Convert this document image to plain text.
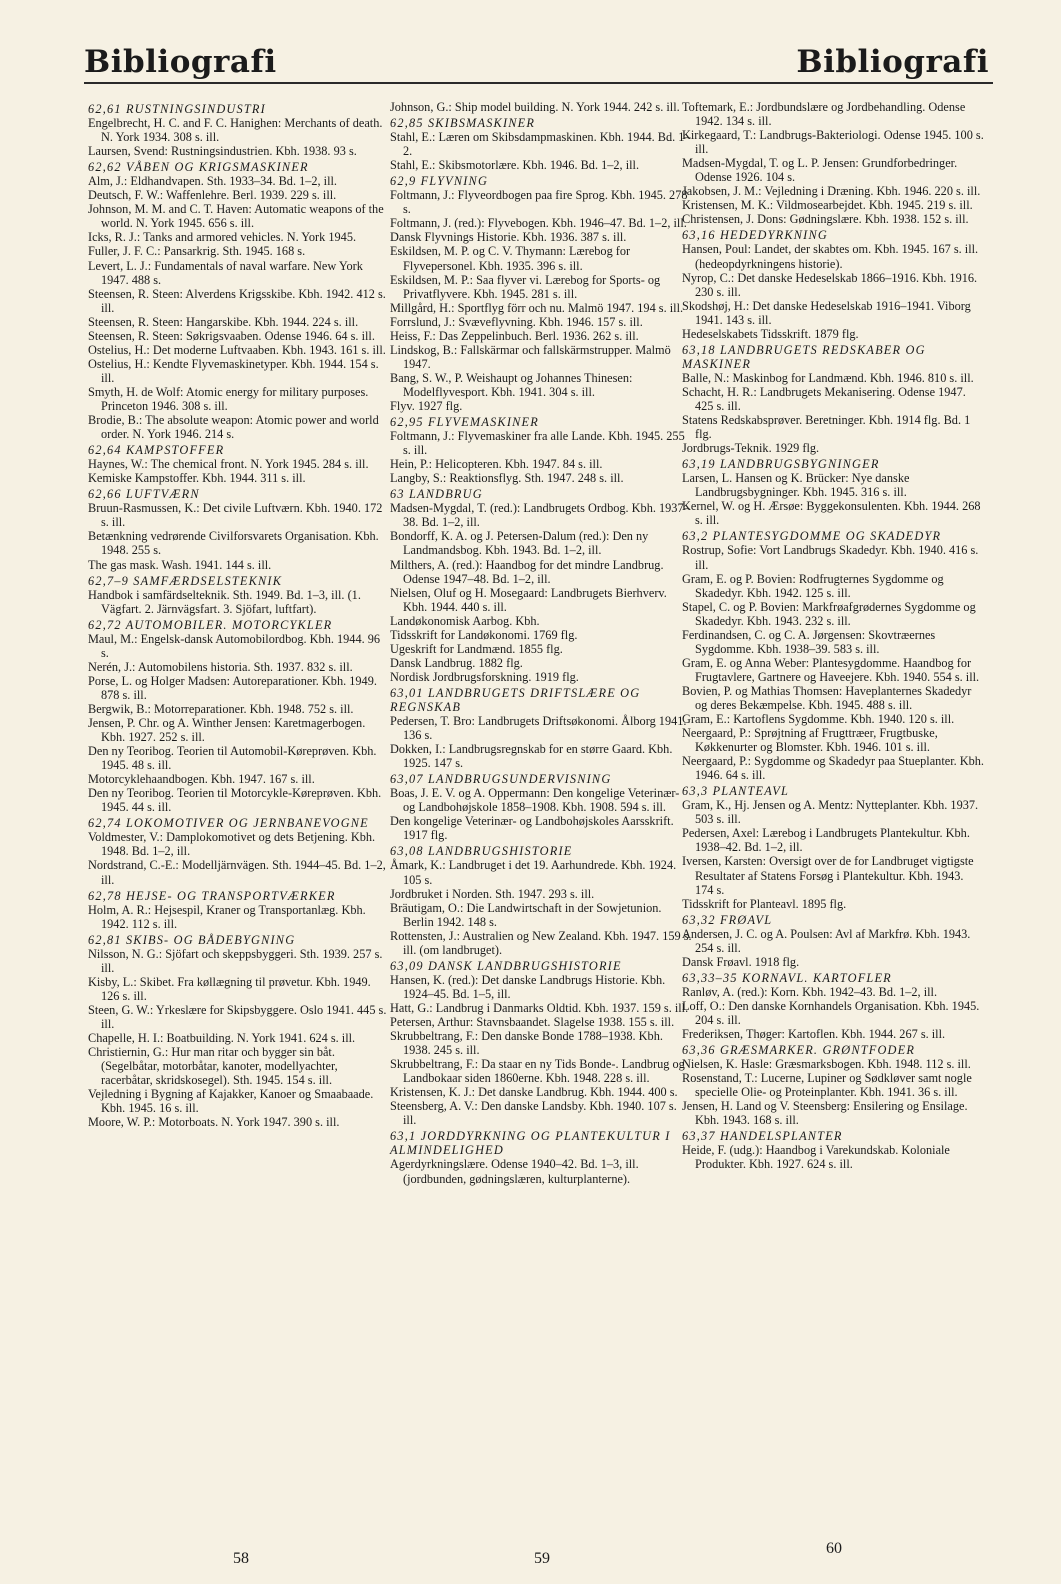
Bibliografi	Bibliografi
62,61 RUSTNINGSINDUSTRI
Engelbrecht, H. C. and F. C. Hanighen: Merchants of death. N. York 1934. 308 s. ill.
Laursen, Svend: Rustningsindustrien. Kbh. 1938. 93 s.
62,62 VÅBEN OG KRIGSMASKINER
Alm, J.: Eldhandvapen. Sth. 1933–34. Bd. 1–2, ill.
Deutsch, F. W.: Waffenlehre. Berl. 1939. 229 s. ill.
Johnson, M. M. and C. T. Haven: Automatic weapons of the world. N. York 1945. 656 s. ill.
Icks, R. J.: Tanks and armored vehicles. N. York 1945.
Fuller, J. F. C.: Pansarkrig. Sth. 1945. 168 s.
Levert, L. J.: Fundamentals of naval warfare. New York 1947. 488 s.
Steensen, R. Steen: Alverdens Krigsskibe. Kbh. 1942. 412 s. ill.
Steensen, R. Steen: Hangarskibe. Kbh. 1944. 224 s. ill.
Steensen, R. Steen: Søkrigsvaaben. Odense 1946. 64 s. ill.
Ostelius, H.: Det moderne Luftvaaben. Kbh. 1943. 161 s. ill.
Ostelius, H.: Kendte Flyvemaskinetyper. Kbh. 1944. 154 s. ill.
Smyth, H. de Wolf: Atomic energy for military purposes. Princeton 1946. 308 s. ill.
Brodie, B.: The absolute weapon: Atomic power and world order. N. York 1946. 214 s.
62,64 KAMPSTOFFER
Haynes, W.: The chemical front. N. York 1945. 284 s. ill.
Kemiske Kampstoffer. Kbh. 1944. 311 s. ill.
62,66 LUFTVÆRN
Bruun-Rasmussen, K.: Det civile Luftværn. Kbh. 1940. 172 s. ill.
Betænkning vedrørende Civilforsvarets Organisation. Kbh. 1948. 255 s.
The gas mask. Wash. 1941. 144 s. ill.
62,7–9 SAMFÆRDSELSTEKNIK
Handbok i samfärdselteknik. Sth. 1949. Bd. 1–3, ill. (1. Vägfart. 2. Järnvägsfart. 3. Sjöfart, luftfart).
62,72 AUTOMOBILER. MOTORCYKLER
Maul, M.: Engelsk-dansk Automobilordbog. Kbh. 1944. 96 s.
Nerén, J.: Automobilens historia. Sth. 1937. 832 s. ill.
Porse, L. og Holger Madsen: Autoreparationer. Kbh. 1949. 878 s. ill.
Bergwik, B.: Motorreparationer. Kbh. 1948. 752 s. ill.
Jensen, P. Chr. og A. Winther Jensen: Karetmagerbogen. Kbh. 1927. 252 s. ill.
Den ny Teoribog. Teorien til Automobil-Køreprøven. Kbh. 1945. 48 s. ill.
Motorcyklehaandbogen. Kbh. 1947. 167 s. ill.
Den ny Teoribog. Teorien til Motorcykle-Køreprøven. Kbh. 1945. 44 s. ill.
62,74 LOKOMOTIVER OG JERNBANEVOGNE
Voldmester, V.: Damplokomotivet og dets Betjening. Kbh. 1948. Bd. 1–2, ill.
Nordstrand, C.-E.: Modelljärnvägen. Sth. 1944–45. Bd. 1–2, ill.
62,78 HEJSE- OG TRANSPORTVÆRKER
Holm, A. R.: Hejsespil, Kraner og Transportanlæg. Kbh. 1942. 112 s. ill.
62,81 SKIBS- OG BÅDEBYGNING
Nilsson, N. G.: Sjöfart och skeppsbyggeri. Sth. 1939. 257 s. ill.
Kisby, L.: Skibet. Fra køllægning til prøvetur. Kbh. 1949. 126 s. ill.
Steen, G. W.: Yrkeslære for Skipsbyggere. Oslo 1941. 445 s. ill.
Chapelle, H. I.: Boatbuilding. N. York 1941. 624 s. ill.
Christiernin, G.: Hur man ritar och bygger sin båt. (Segelbåtar, motorbåtar, kanoter, modellyachter, racerbåtar, skridskosegel). Sth. 1945. 154 s. ill.
Vejledning i Bygning af Kajakker, Kanoer og Smaabaade. Kbh. 1945. 16 s. ill.
Moore, W. P.: Motorboats. N. York 1947. 390 s. ill.
Johnson, G.: Ship model building. N. York 1944. 242 s. ill.
62,85 SKIBSMASKINER
Stahl, E.: Læren om Skibsdampmaskinen. Kbh. 1944. Bd. 1–2.
Stahl, E.: Skibsmotorlære. Kbh. 1946. Bd. 1–2, ill.
62,9 FLYVNING
Foltmann, J.: Flyveordbogen paa fire Sprog. Kbh. 1945. 278 s.
Foltmann, J. (red.): Flyvebogen. Kbh. 1946–47. Bd. 1–2, ill.
Dansk Flyvnings Historie. Kbh. 1936. 387 s. ill.
Eskildsen, M. P. og C. V. Thymann: Lærebog for Flyvepersonel. Kbh. 1935. 396 s. ill.
Eskildsen, M. P.: Saa flyver vi. Lærebog for Sports- og Privatflyvere. Kbh. 1945. 281 s. ill.
Millgård, H.: Sportflyg förr och nu. Malmö 1947. 194 s. ill.
Forrslund, J.: Svæveflyvning. Kbh. 1946. 157 s. ill.
Heiss, F.: Das Zeppelinbuch. Berl. 1936. 262 s. ill.
Lindskog, B.: Fallskärmar och fallskärmstrupper. Malmö 1947.
Bang, S. W., P. Weishaupt og Johannes Thinesen: Modelflyvesport. Kbh. 1941. 304 s. ill.
Flyv. 1927 flg.
62,95 FLYVEMASKINER
Foltmann, J.: Flyvemaskiner fra alle Lande. Kbh. 1945. 255 s. ill.
Hein, P.: Helicopteren. Kbh. 1947. 84 s. ill.
Langby, S.: Reaktionsflyg. Sth. 1947. 248 s. ill.
63 LANDBRUG
Madsen-Mygdal, T. (red.): Landbrugets Ordbog. Kbh. 1937–38. Bd. 1–2, ill.
Bondorff, K. A. og J. Petersen-Dalum (red.): Den ny Landmandsbog. Kbh. 1943. Bd. 1–2, ill.
Milthers, A. (red.): Haandbog for det mindre Landbrug. Odense 1947–48. Bd. 1–2, ill.
Nielsen, Oluf og H. Mosegaard: Landbrugets Bierhverv. Kbh. 1944. 440 s. ill.
Landøkonomisk Aarbog. Kbh.
Tidsskrift for Landøkonomi. 1769 flg.
Ugeskrift for Landmænd. 1855 flg.
Dansk Landbrug. 1882 flg.
Nordisk Jordbrugsforskning. 1919 flg.
63,01 LANDBRUGETS DRIFTSLÆRE OG REGNSKAB
Pedersen, T. Bro: Landbrugets Driftsøkonomi. Ålborg 1941. 136 s.
Dokken, I.: Landbrugsregnskab for en større Gaard. Kbh. 1925. 147 s.
63,07 LANDBRUGSUNDERVISNING
Boas, J. E. V. og A. Oppermann: Den kongelige Veterinær- og Landbohøjskole 1858–1908. Kbh. 1908. 594 s. ill.
Den kongelige Veterinær- og Landbohøjskoles Aarsskrift. 1917 flg.
63,08 LANDBRUGSHISTORIE
Åmark, K.: Landbruget i det 19. Aarhundrede. Kbh. 1924. 105 s.
Jordbruket i Norden. Sth. 1947. 293 s. ill.
Bräutigam, O.: Die Landwirtschaft in der Sowjetunion. Berlin 1942. 148 s.
Rottensten, J.: Australien og New Zealand. Kbh. 1947. 159 s. ill. (om landbruget).
63,09 DANSK LANDBRUGSHISTORIE
Hansen, K. (red.): Det danske Landbrugs Historie. Kbh. 1924–45. Bd. 1–5, ill.
Hatt, G.: Landbrug i Danmarks Oldtid. Kbh. 1937. 159 s. ill.
Petersen, Arthur: Stavnsbaandet. Slagelse 1938. 155 s. ill.
Skrubbeltrang, F.: Den danske Bonde 1788–1938. Kbh. 1938. 245 s. ill.
Skrubbeltrang, F.: Da staar en ny Tids Bonde-. Landbrug og Landbokaar siden 1860erne. Kbh. 1948. 228 s. ill.
Kristensen, K. J.: Det danske Landbrug. Kbh. 1944. 400 s.
Steensberg, A. V.: Den danske Landsby. Kbh. 1940. 107 s. ill.
63,1 JORDDYRKNING OG PLANTEKULTUR I ALMINDELIGHED
Agerdyrkningslære. Odense 1940–42. Bd. 1–3, ill. (jordbunden, gødningslæren, kulturplanterne).
Toftemark, E.: Jordbundslære og Jordbehandling. Odense 1942. 134 s. ill.
Kirkegaard, T.: Landbrugs-Bakteriologi. Odense 1945. 100 s. ill.
Madsen-Mygdal, T. og L. P. Jensen: Grundforbedringer. Odense 1926. 104 s.
Jakobsen, J. M.: Vejledning i Dræning. Kbh. 1946. 220 s. ill.
Kristensen, M. K.: Vildmosearbejdet. Kbh. 1945. 219 s. ill.
Christensen, J. Dons: Gødningslære. Kbh. 1938. 152 s. ill.
63,16 HEDEDYRKNING
Hansen, Poul: Landet, der skabtes om. Kbh. 1945. 167 s. ill. (hedeopdyrkningens historie).
Nyrop, C.: Det danske Hedeselskab 1866–1916. Kbh. 1916. 230 s. ill.
Skodshøj, H.: Det danske Hedeselskab 1916–1941. Viborg 1941. 143 s. ill.
Hedeselskabets Tidsskrift. 1879 flg.
63,18 LANDBRUGETS REDSKABER OG MASKINER
Balle, N.: Maskinbog for Landmænd. Kbh. 1946. 810 s. ill.
Schacht, H. R.: Landbrugets Mekanisering. Odense 1947. 425 s. ill.
Statens Redskabsprøver. Beretninger. Kbh. 1914 flg. Bd. 1 flg.
Jordbrugs-Teknik. 1929 flg.
63,19 LANDBRUGSBYGNINGER
Larsen, L. Hansen og K. Brücker: Nye danske Landbrugsbygninger. Kbh. 1945. 316 s. ill.
Kernel, W. og H. Ærsøe: Byggekonsulenten. Kbh. 1944. 268 s. ill.
63,2 PLANTESYGDOMME OG SKADEDYR
Rostrup, Sofie: Vort Landbrugs Skadedyr. Kbh. 1940. 416 s. ill.
Gram, E. og P. Bovien: Rodfrugternes Sygdomme og Skadedyr. Kbh. 1942. 125 s. ill.
Stapel, C. og P. Bovien: Markfrøafgrødernes Sygdomme og Skadedyr. Kbh. 1943. 232 s. ill.
Ferdinandsen, C. og C. A. Jørgensen: Skovtræernes Sygdomme. Kbh. 1938–39. 583 s. ill.
Gram, E. og Anna Weber: Plantesygdomme. Haandbog for Frugtavlere, Gartnere og Haveejere. Kbh. 1940. 554 s. ill.
Bovien, P. og Mathias Thomsen: Haveplanternes Skadedyr og deres Bekæmpelse. Kbh. 1945. 488 s. ill.
Gram, E.: Kartoflens Sygdomme. Kbh. 1940. 120 s. ill.
Neergaard, P.: Sprøjtning af Frugttræer, Frugtbuske, Køkkenurter og Blomster. Kbh. 1946. 101 s. ill.
Neergaard, P.: Sygdomme og Skadedyr paa Stueplanter. Kbh. 1946. 64 s. ill.
63,3 PLANTEAVL
Gram, K., Hj. Jensen og A. Mentz: Nytteplanter. Kbh. 1937. 503 s. ill.
Pedersen, Axel: Lærebog i Landbrugets Plantekultur. Kbh. 1938–42. Bd. 1–2, ill.
Iversen, Karsten: Oversigt over de for Landbruget vigtigste Resultater af Statens Forsøg i Plantekultur. Kbh. 1943. 174 s.
Tidsskrift for Planteavl. 1895 flg.
63,32 FRØAVL
Andersen, J. C. og A. Poulsen: Avl af Markfrø. Kbh. 1943. 254 s. ill.
Dansk Frøavl. 1918 flg.
63,33–35 KORNAVL. KARTOFLER
Ranløv, A. (red.): Korn. Kbh. 1942–43. Bd. 1–2, ill.
Loff, O.: Den danske Kornhandels Organisation. Kbh. 1945. 204 s. ill.
Frederiksen, Thøger: Kartoflen. Kbh. 1944. 267 s. ill.
63,36 GRÆSMARKER. GRØNTFODER
Nielsen, K. Hasle: Græsmarksbogen. Kbh. 1948. 112 s. ill.
Rosenstand, T.: Lucerne, Lupiner og Sødkløver samt nogle specielle Olie- og Proteinplanter. Kbh. 1941. 36 s. ill.
Jensen, H. Land og V. Steensberg: Ensilering og Ensilage. Kbh. 1943. 168 s. ill.
63,37 HANDELSPLANTER
Heide, F. (udg.): Haandbog i Varekundskab. Koloniale Produkter. Kbh. 1927. 624 s. ill.
58	59
60
